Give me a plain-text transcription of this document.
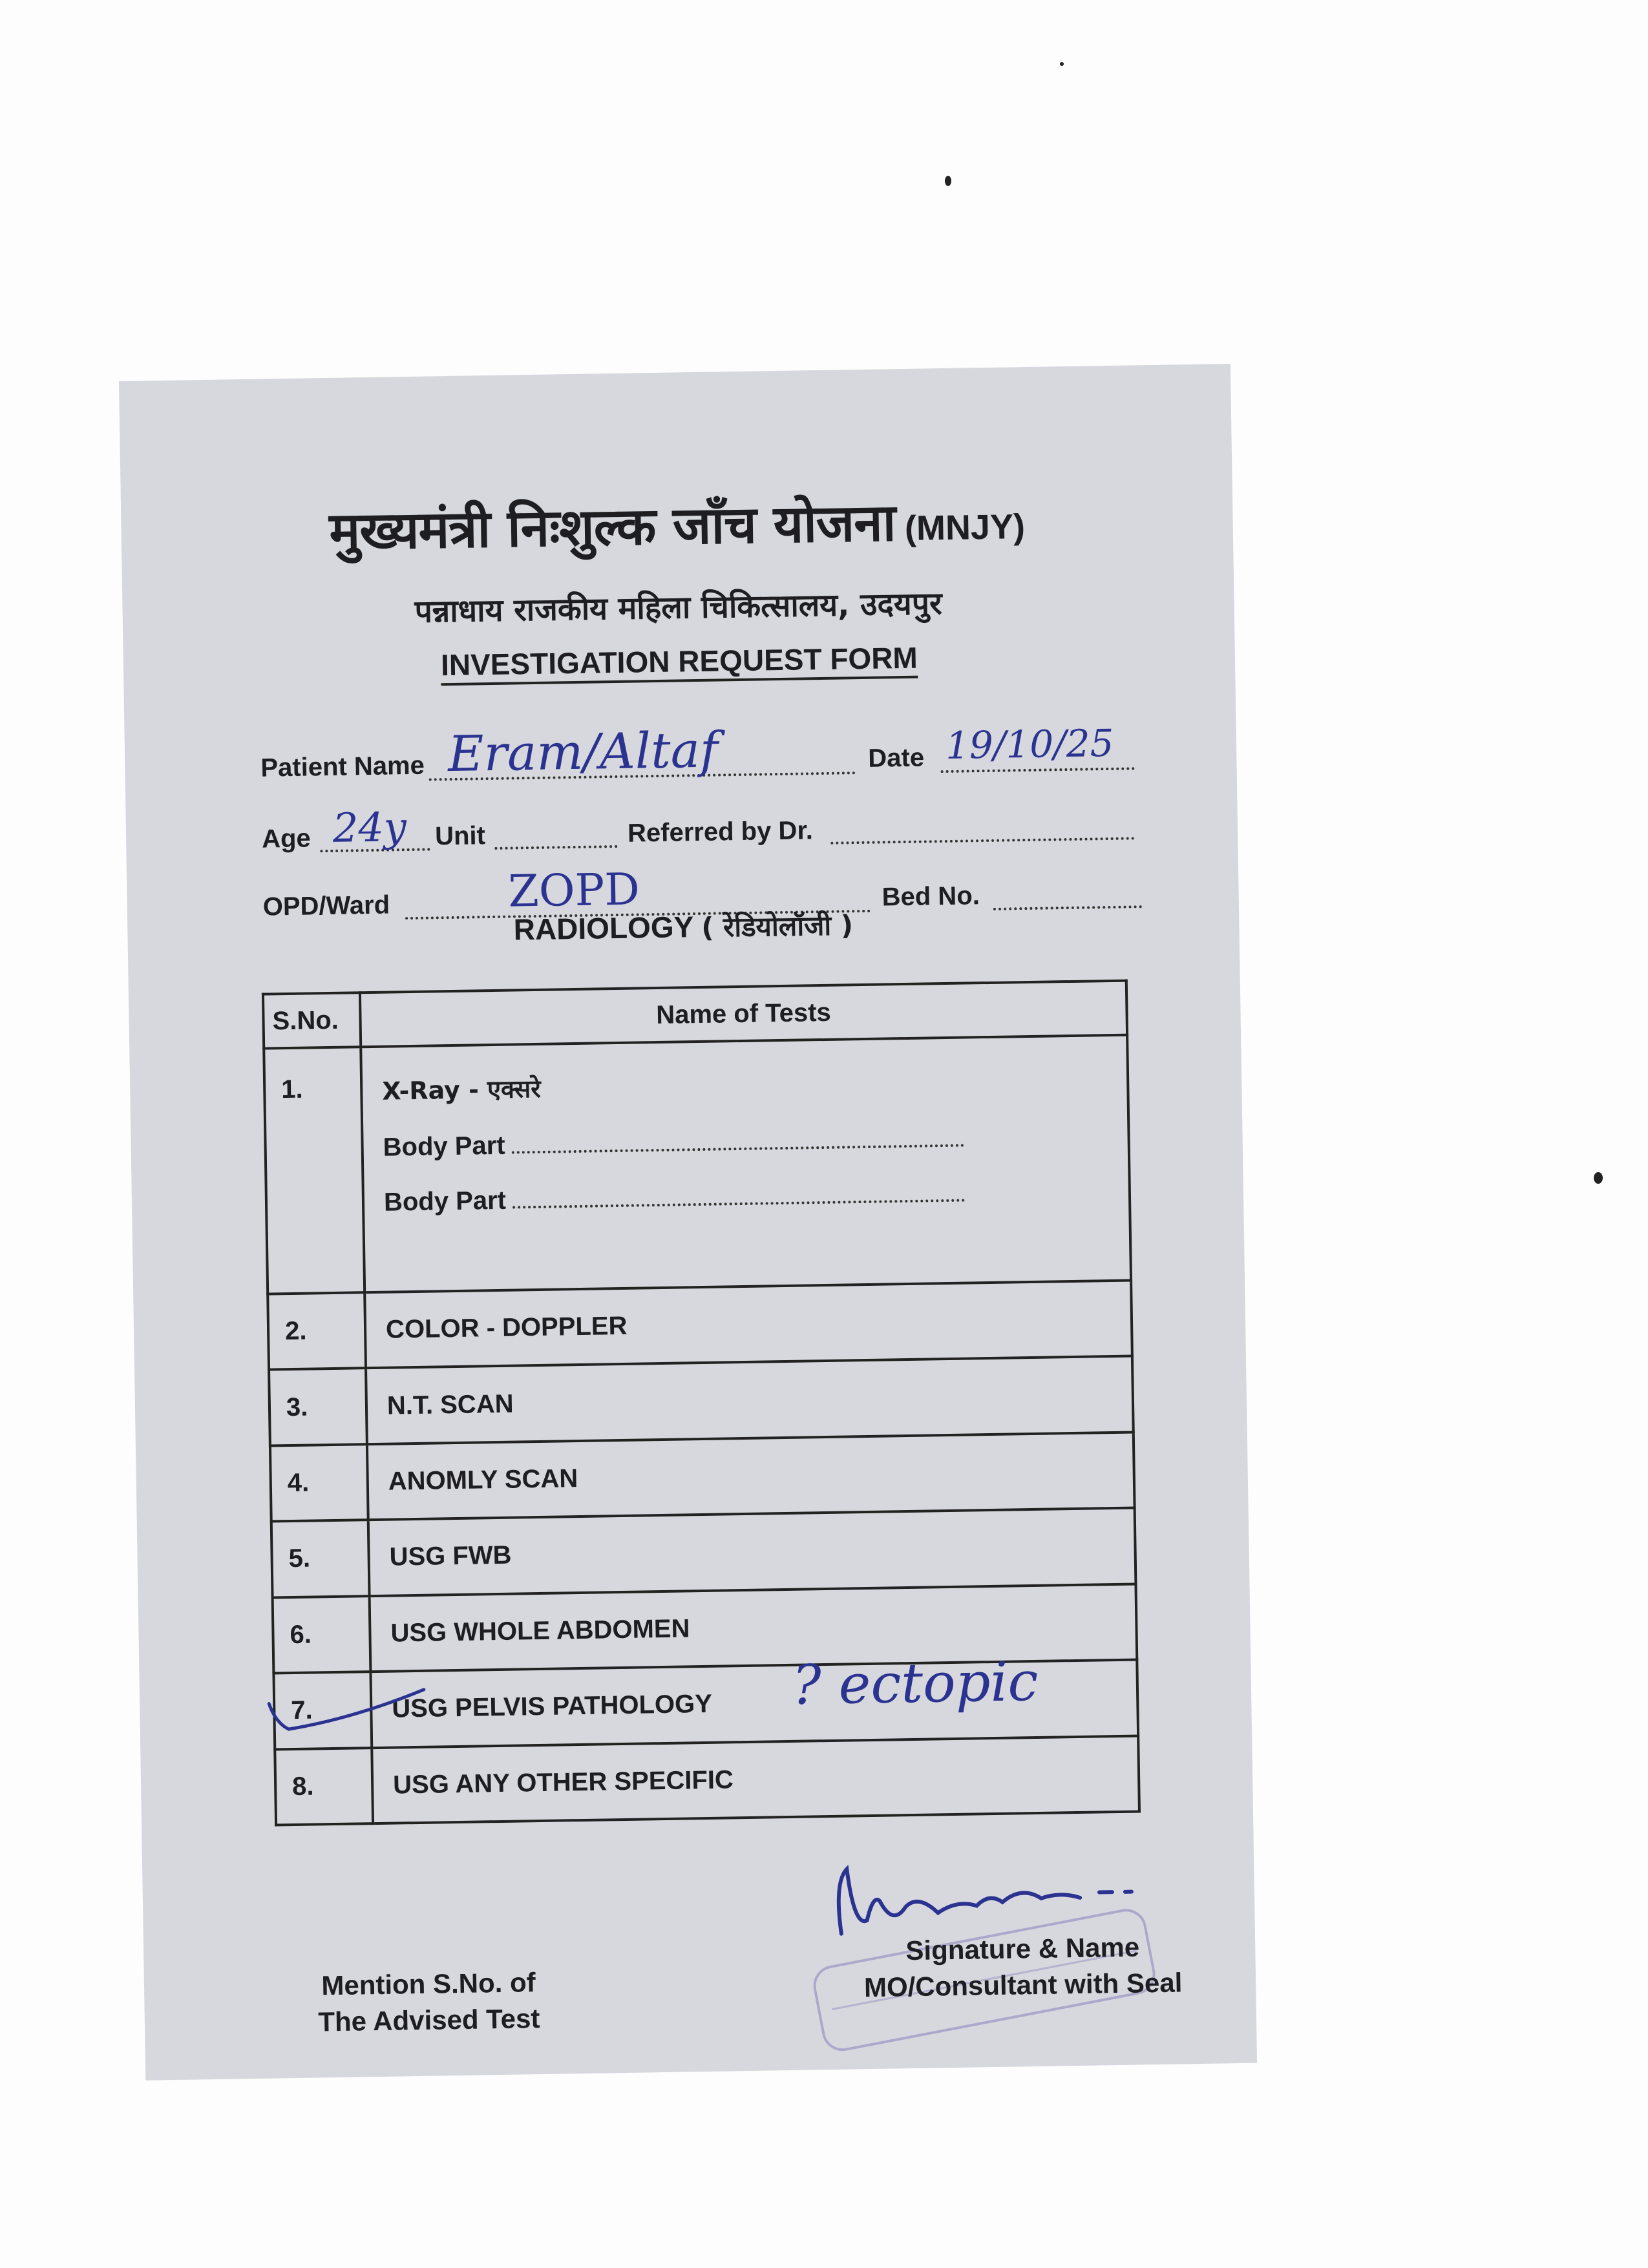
मुख्यमंत्री निःशुल्क जाँच योजना (MNJY)
पन्नाधाय राजकीय महिला चिकित्सालय, उदयपुर
INVESTIGATION REQUEST FORM
Patient Name Eram/Altaf	Date 19/10/25
Age 24y Unit	Referred by Dr.
OPD/Ward	ZOPD	Bed No.
RADIOLOGY ( रेडियोलॉजी )
S.No.	Name of Tests
1.	X-Ray - एक्सरे
Body Part
Body Part

2.	COLOR - DOPPLER
3.	N.T. SCAN
4.	ANOMLY SCAN
5.	USG FWB
6.	USG WHOLE ABDOMEN
7.	USG PELVIS PATHOLOGY
8.	USG ANY OTHER SPECIFIC
? ectopic
Mention S.No. of
The Advised Test
Signature & Name
MO/Consultant with Seal
